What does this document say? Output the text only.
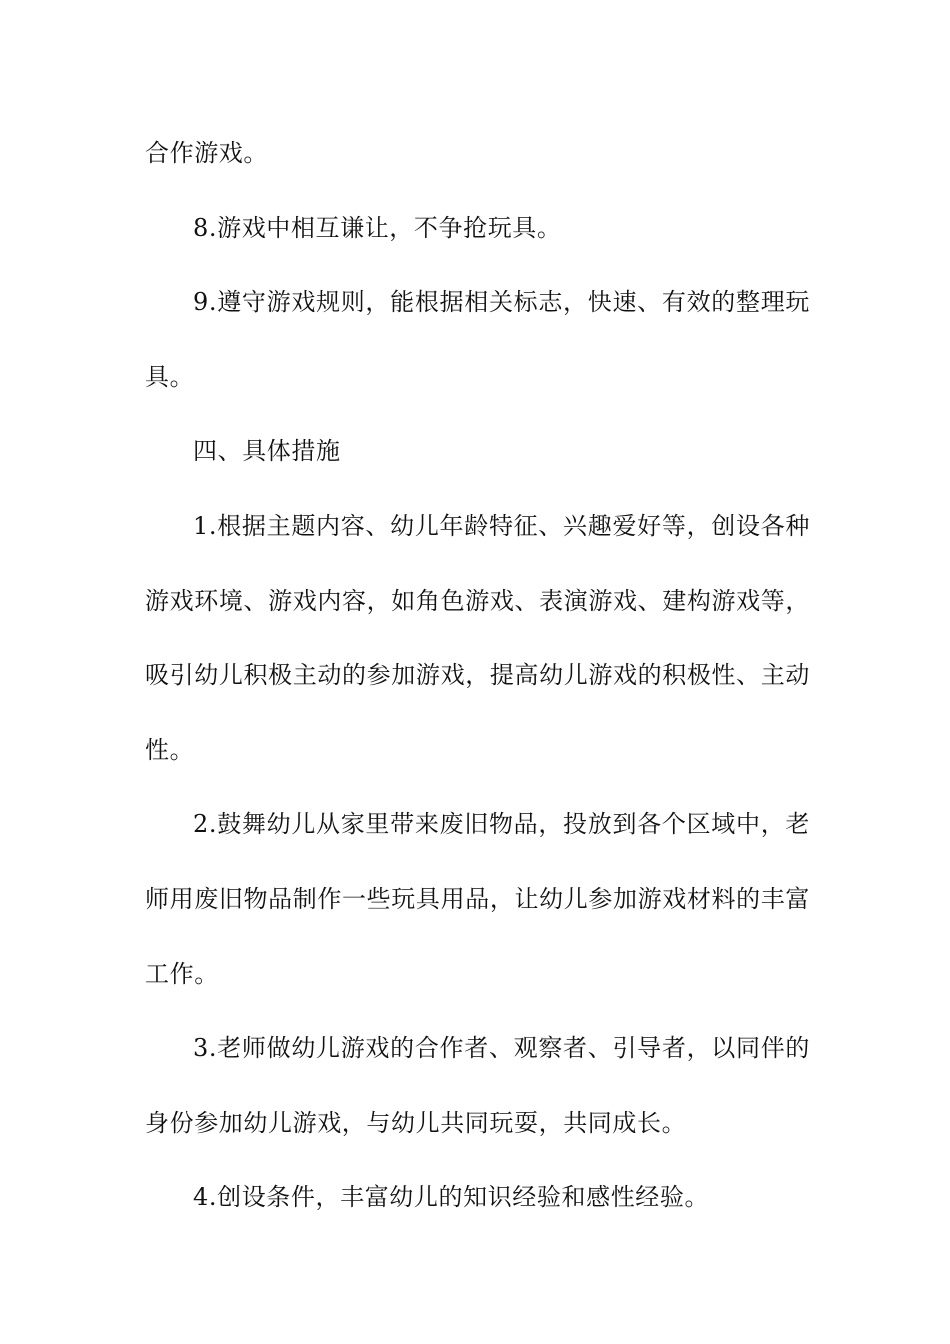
合作游戏。

8.游戏中相互谦让，不争抢玩具。

9.遵守游戏规则，能根据相关标志，快速、有效的整理玩具。

四、具体措施

1.根据主题内容、幼儿年龄特征、兴趣爱好等，创设各种游戏环境、游戏内容，如角色游戏、表演游戏、建构游戏等，吸引幼儿积极主动的参加游戏，提高幼儿游戏的积极性、主动性。

2.鼓舞幼儿从家里带来废旧物品，投放到各个区域中，老师用废旧物品制作一些玩具用品，让幼儿参加游戏材料的丰富工作。

3.老师做幼儿游戏的合作者、观察者、引导者，以同伴的身份参加幼儿游戏，与幼儿共同玩耍，共同成长。

4.创设条件，丰富幼儿的知识经验和感性经验。
